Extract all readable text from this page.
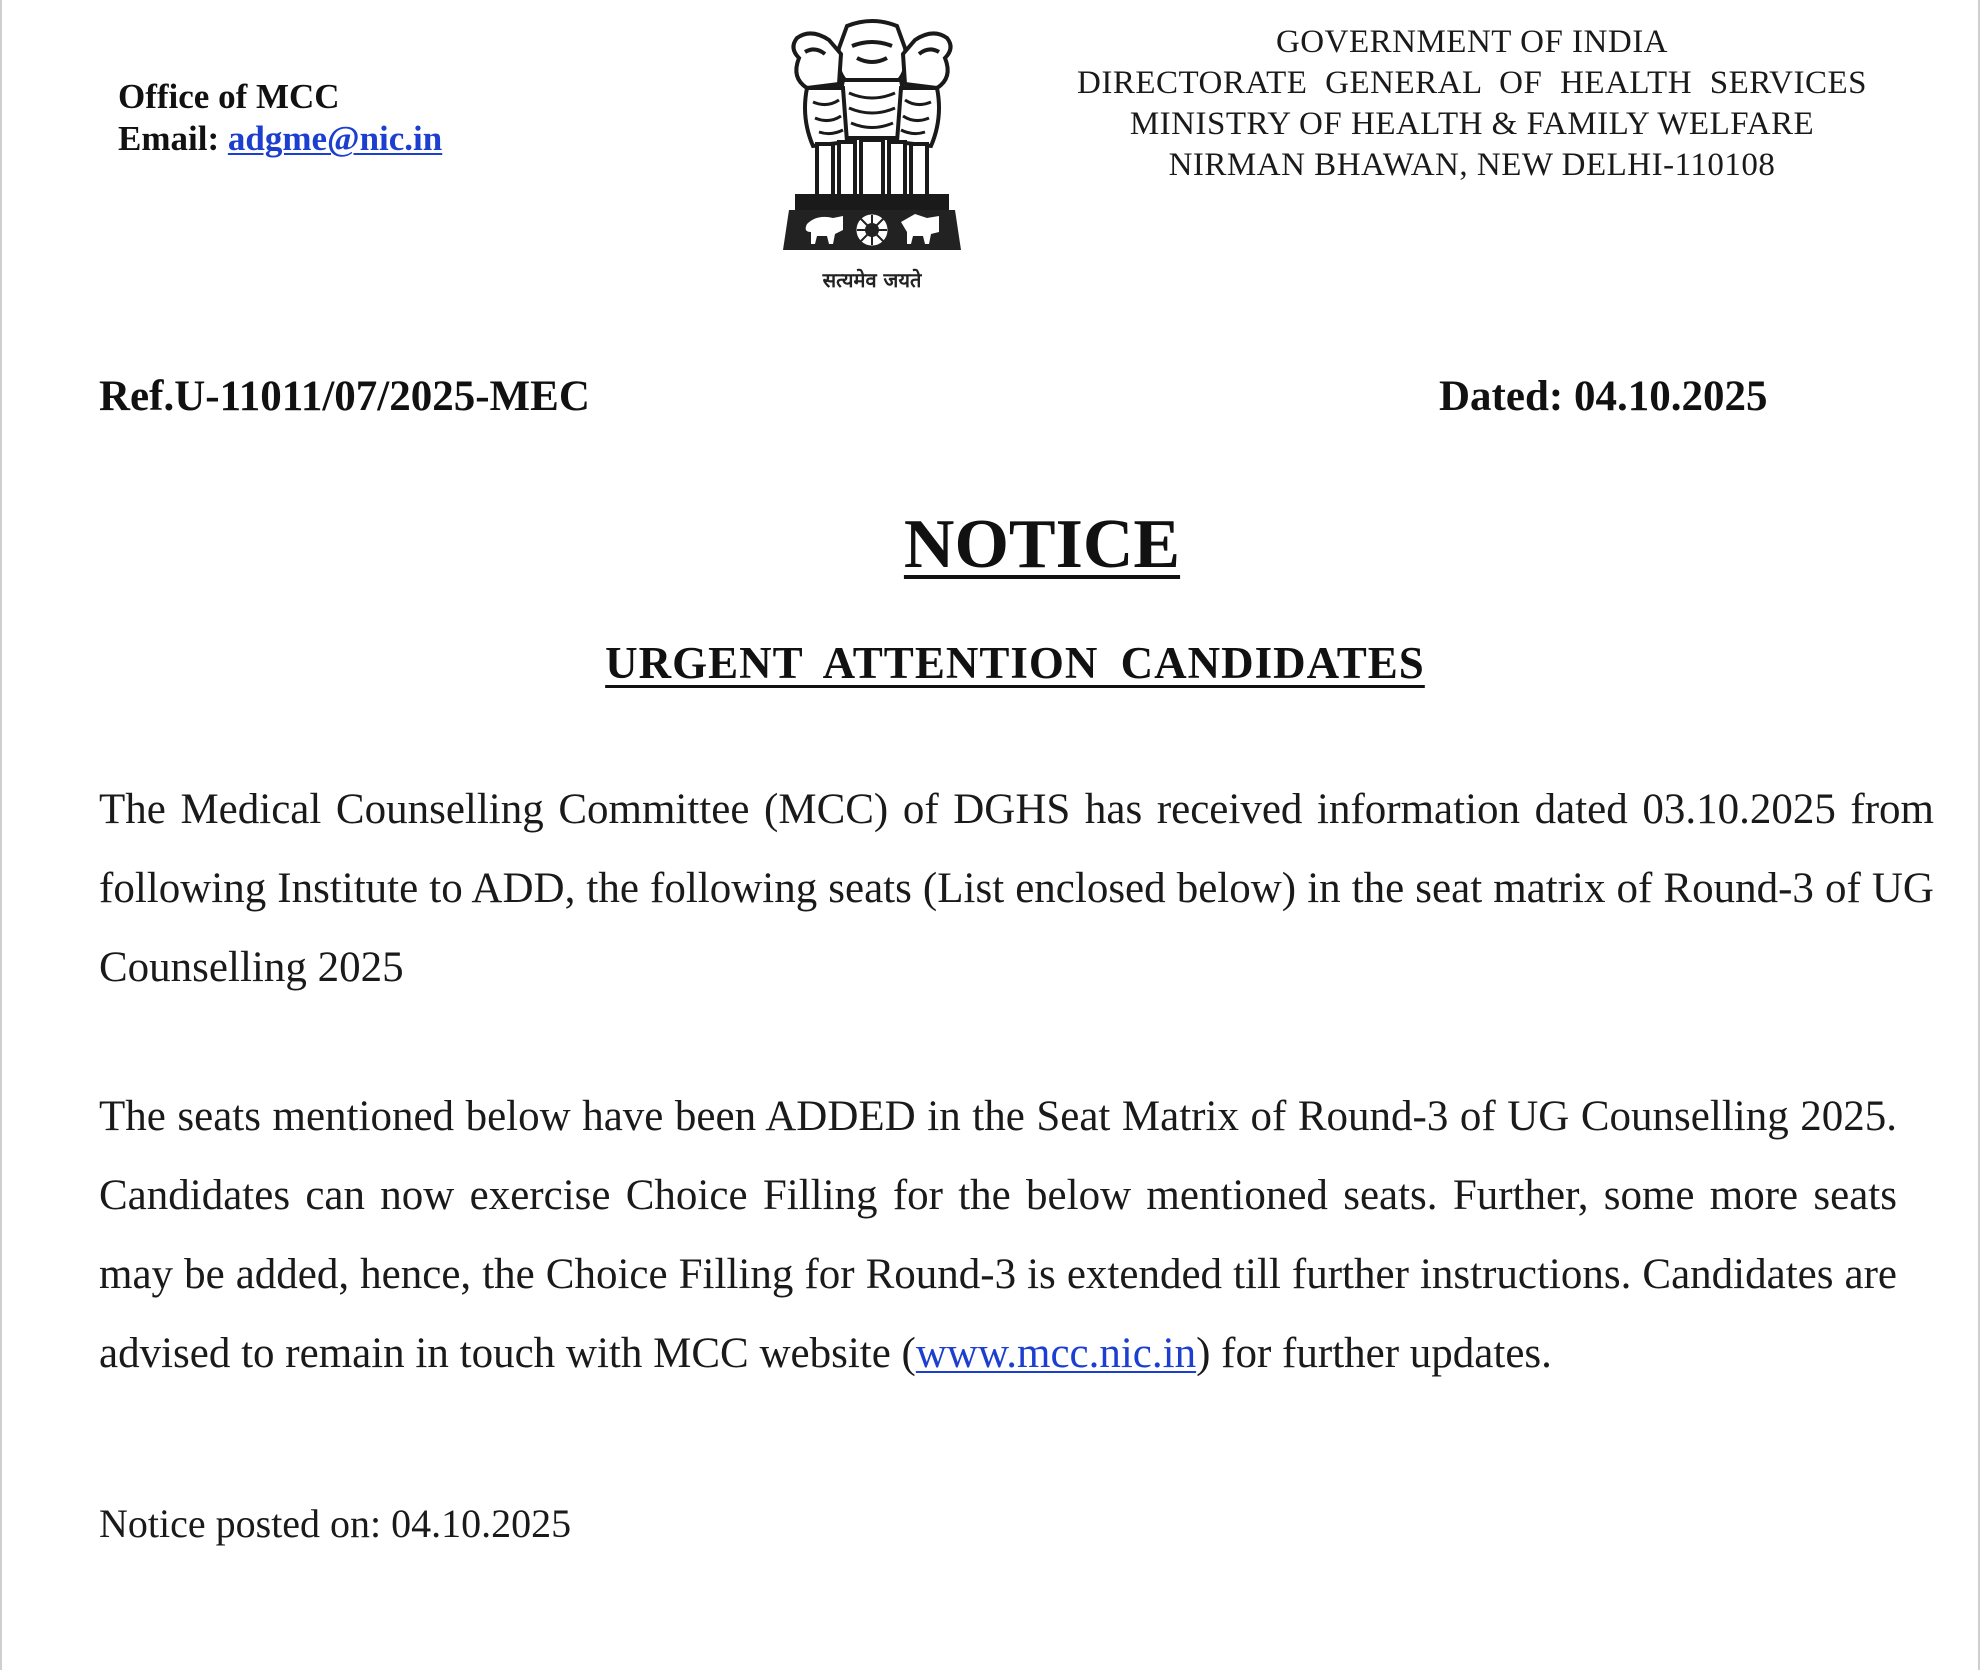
Office of MCC
Email: adgme@nic.in
सत्यमेव जयते
GOVERNMENT OF INDIA
DIRECTORATE GENERAL OF HEALTH SERVICES
MINISTRY OF HEALTH & FAMILY WELFARE
NIRMAN BHAWAN, NEW DELHI-110108
Ref.U-11011/07/2025-MEC	Dated: 04.10.2025
NOTICE
URGENT ATTENTION CANDIDATES
The Medical Counselling Committee (MCC) of DGHS has received information dated 03.10.2025 from following Institute to ADD, the following seats (List enclosed below) in the seat matrix of Round-3 of UG Counselling 2025
The seats mentioned below have been ADDED in the Seat Matrix of Round-3 of UG Counselling 2025. Candidates can now exercise Choice Filling for the below mentioned seats. Further, some more seats may be added, hence, the Choice Filling for Round-3 is extended till further instructions. Candidates are advised to remain in touch with MCC website (www.mcc.nic.in) for further updates.
Notice posted on: 04.10.2025
